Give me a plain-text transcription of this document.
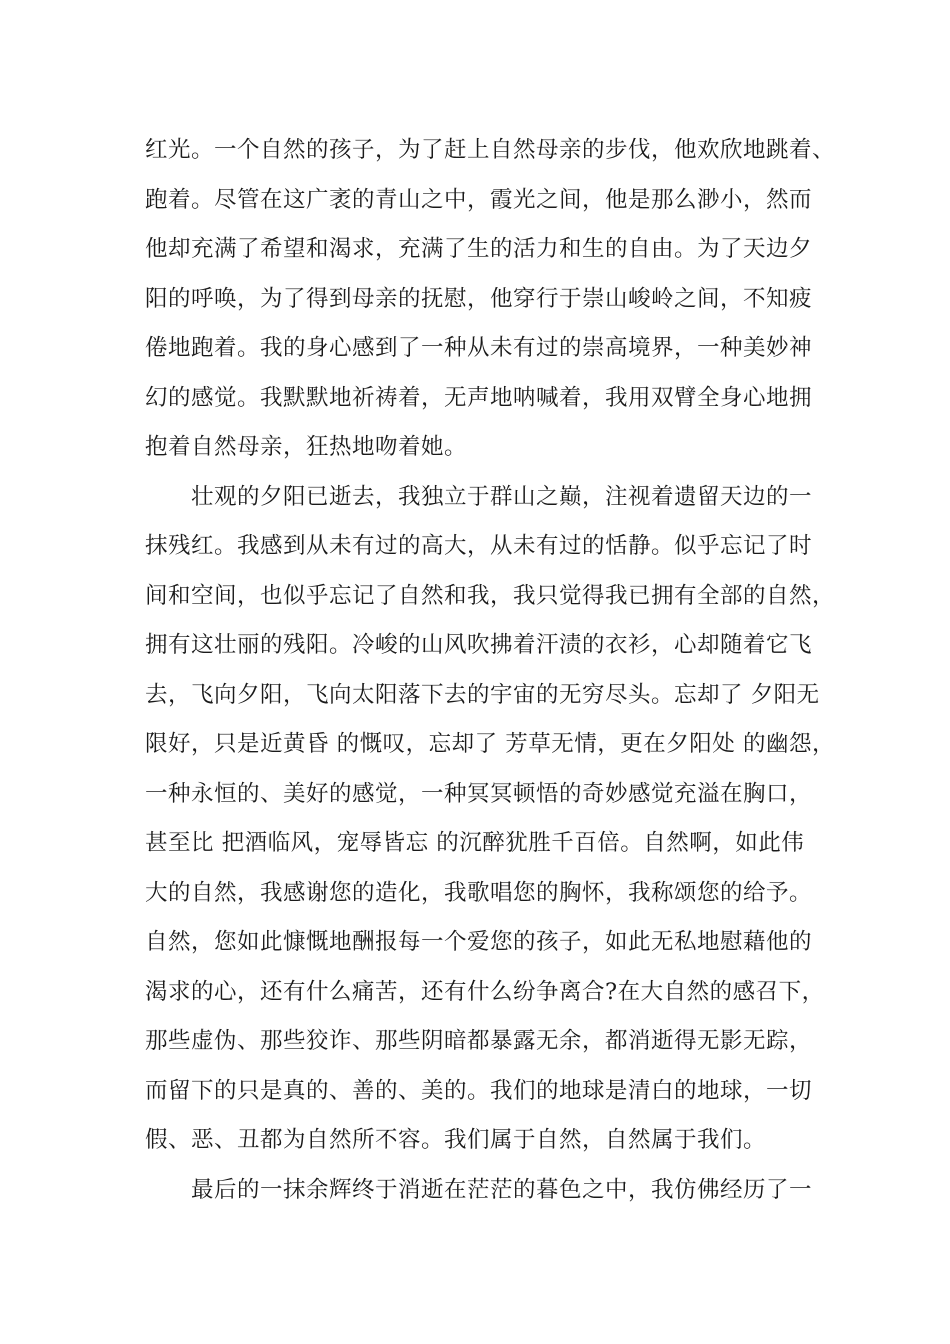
红光。一个自然的孩子，为了赶上自然母亲的步伐，他欢欣地跳着、
跑着。尽管在这广袤的青山之中，霞光之间，他是那么渺小，然而
他却充满了希望和渴求，充满了生的活力和生的自由。为了天边夕
阳的呼唤，为了得到母亲的抚慰，他穿行于崇山峻岭之间，不知疲
倦地跑着。我的身心感到了一种从未有过的崇高境界，一种美妙神
幻的感觉。我默默地祈祷着，无声地呐喊着，我用双臂全身心地拥
抱着自然母亲，狂热地吻着她。
　　壮观的夕阳已逝去，我独立于群山之巅，注视着遗留天边的一
抹残红。我感到从未有过的高大，从未有过的恬静。似乎忘记了时
间和空间，也似乎忘记了自然和我，我只觉得我已拥有全部的自然，
拥有这壮丽的残阳。冷峻的山风吹拂着汗渍的衣衫，心却随着它飞
去，飞向夕阳，飞向太阳落下去的宇宙的无穷尽头。忘却了 夕阳无
限好，只是近黄昏 的慨叹，忘却了 芳草无情，更在夕阳处 的幽怨，
一种永恒的、美好的感觉，一种冥冥顿悟的奇妙感觉充溢在胸口，
甚至比 把酒临风，宠辱皆忘 的沉醉犹胜千百倍。自然啊，如此伟
大的自然，我感谢您的造化，我歌唱您的胸怀，我称颂您的给予。
自然，您如此慷慨地酬报每一个爱您的孩子，如此无私地慰藉他的
渴求的心，还有什么痛苦，还有什么纷争离合?在大自然的感召下，
那些虚伪、那些狡诈、那些阴暗都暴露无余，都消逝得无影无踪，
而留下的只是真的、善的、美的。我们的地球是清白的地球，一切
假、恶、丑都为自然所不容。我们属于自然，自然属于我们。
　　最后的一抹余辉终于消逝在茫茫的暮色之中，我仿佛经历了一
